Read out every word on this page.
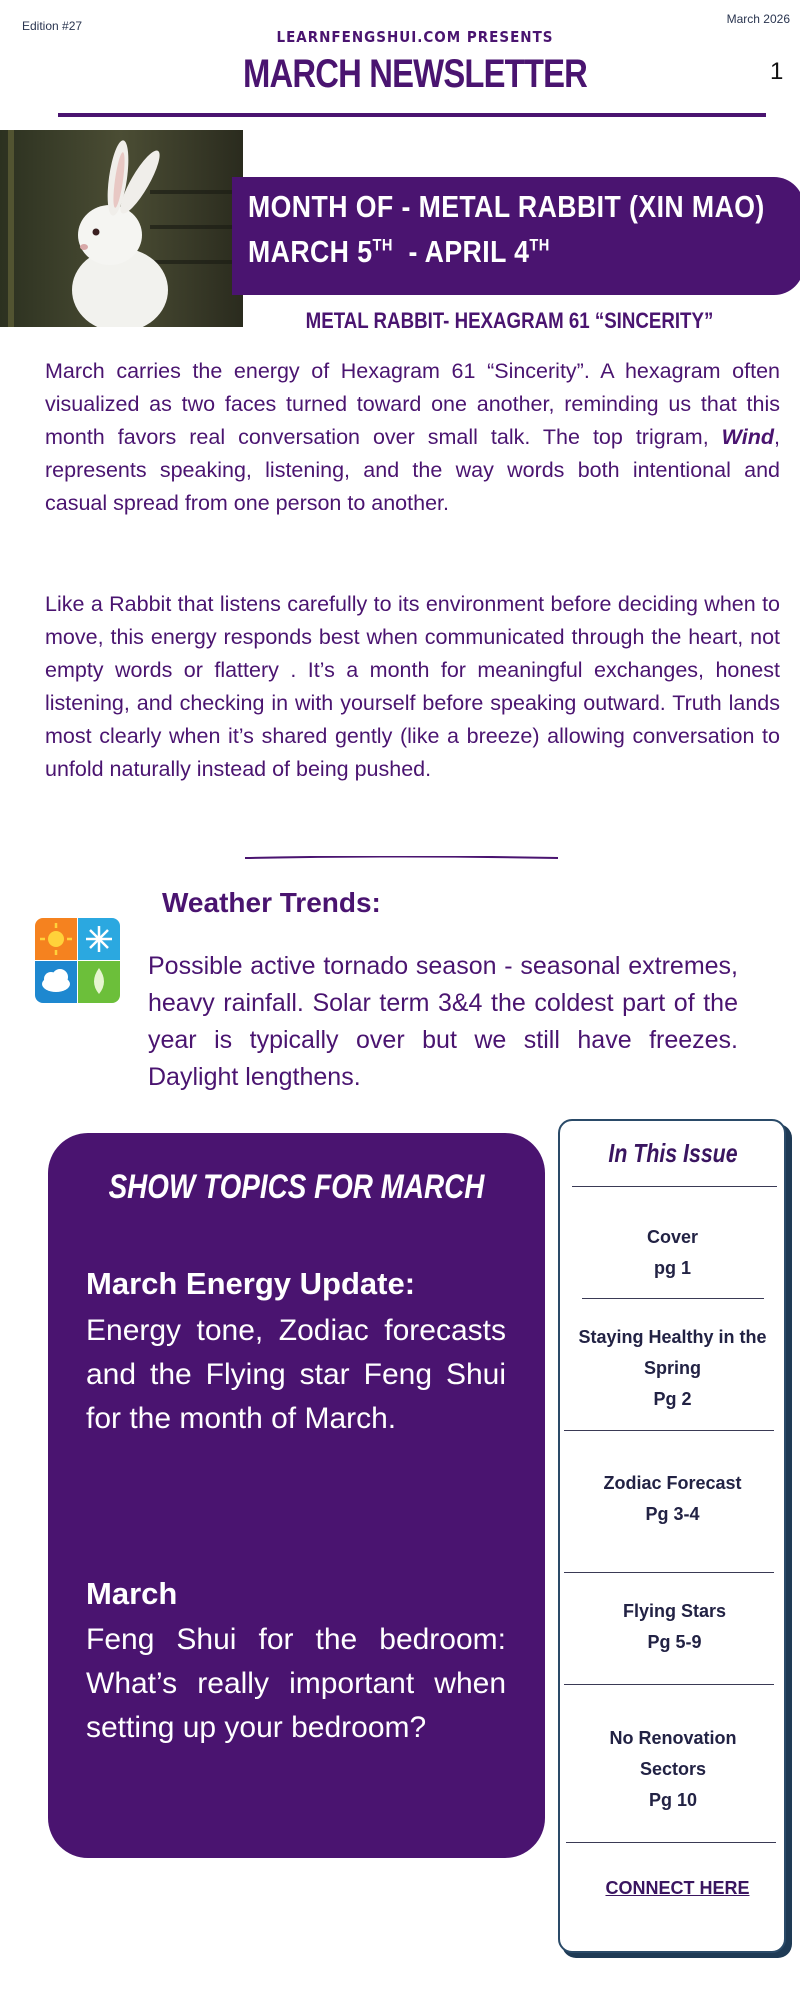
Edition #27	March 2026
LEARNFENGSHUI.COM PRESENTS
MARCH NEWSLETTER	1
MONTH OF - METAL RABBIT (XIN MAO)
MARCH 5TH  - APRIL 4TH
METAL RABBIT- HEXAGRAM 61 “SINCERITY”
March carries the energy of Hexagram 61 “Sincerity”. A hexagram often visualized as two faces turned toward one another, reminding us that this month favors real conversation over small talk. The top trigram, Wind, represents speaking, listening, and the way words both intentional and casual spread from one person to another.
Like a Rabbit that listens carefully to its environment before deciding when to move, this energy responds best when communicated through the heart, not empty words or flattery . It’s a month for meaningful exchanges, honest listening, and checking in with yourself before speaking outward. Truth lands most clearly when it’s shared gently (like a breeze) allowing conversation to unfold naturally instead of being pushed.
Weather Trends:
Possible active tornado season - seasonal extremes, heavy rainfall. Solar term 3&4 the coldest part of the year is typically over but we still have freezes. Daylight lengthens.
SHOW TOPICS FOR MARCH
March Energy Update:
Energy tone, Zodiac forecasts and the Flying star Feng Shui for the month of March.
March
Feng Shui for the bedroom: What’s really important when setting up your bedroom?
In This Issue
Cover
pg 1
Staying Healthy in the Spring
Pg 2
Zodiac Forecast
Pg 3-4
Flying Stars
Pg 5-9
No Renovation Sectors
Pg 10
CONNECT HERE
